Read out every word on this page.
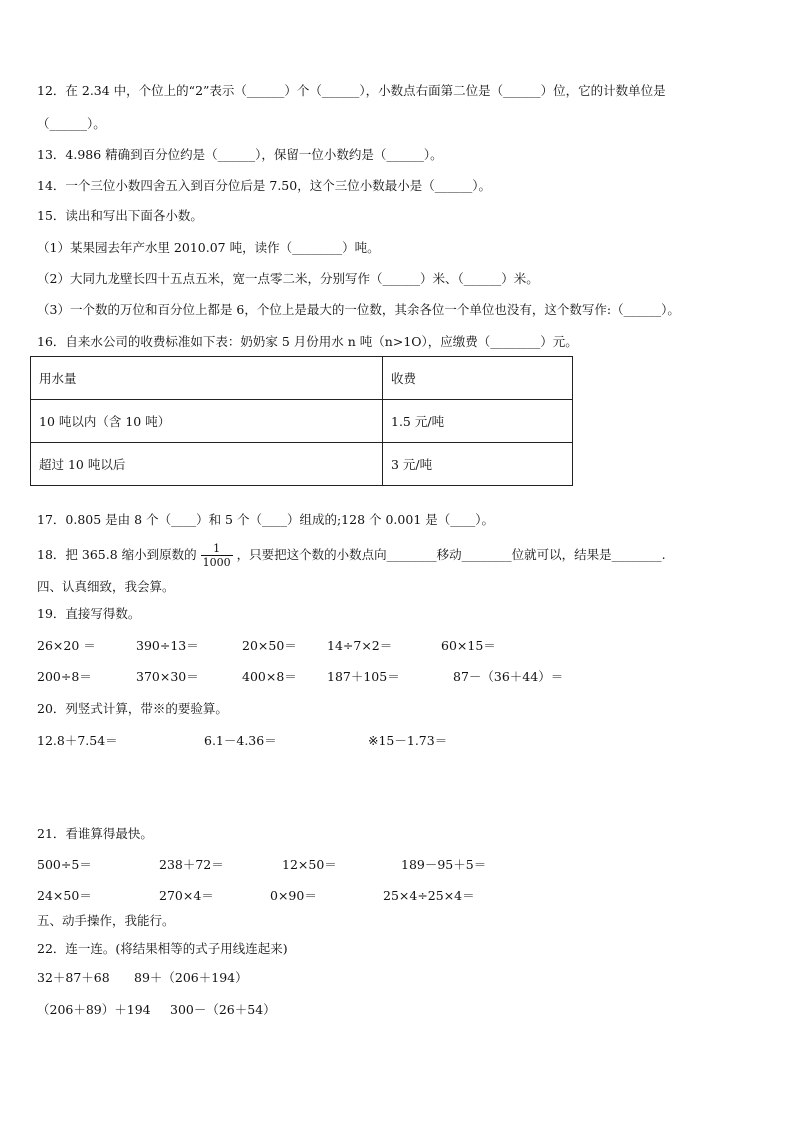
12．在 2.34 中，个位上的“2”表示（______）个（______），小数点右面第二位是（______）位，它的计数单位是
（______）。
13．4.986 精确到百分位约是（______），保留一位小数约是（______）。
14．一个三位小数四舍五入到百分位后是 7.50，这个三位小数最小是（______）。
15．读出和写出下面各小数。
（1）某果园去年产水里 2010.07 吨，读作（________）吨。
（2）大同九龙壁长四十五点五米，宽一点零二米，分别写作（______）米、（______）米。
（3）一个数的万位和百分位上都是 6，个位上是最大的一位数，其余各位一个单位也没有，这个数写作:（______）。
16．自来水公司的收费标准如下表：奶奶家 5 月份用水 n 吨（n>1O），应缴费（________）元。
用水量	收费
10 吨以内（含 10 吨）	1.5 元/吨
超过 10 吨以后	3 元/吨
17．0.805 是由 8 个（____）和 5 个（____）组成的;128 个 0.001 是（____）。
18．把 365.8 缩小到原数的 $\frac{1}{1000}$ ，只要把这个数的小数点向________移动________位就可以，结果是________.
四、认真细致，我会算。
19．直接写得数。
26×20 ＝	390÷13＝	20×50＝ 14÷7×2＝	60×15＝
200÷8＝	370×30＝	400×8＝ 187＋105＝	87－（36＋44）＝
20．列竖式计算，带※的要验算。
12.8＋7.54＝	6.1－4.36＝	※15－1.73＝
21．看谁算得最快。
500÷5＝	238＋72＝	12×50＝	189－95＋5＝
24×50＝	270×4＝	0×90＝	25×4÷25×4＝
五、动手操作，我能行。
22．连一连。(将结果相等的式子用线连起来)
32＋87＋68 89＋（206＋194）
（206＋89）＋194 300－（26＋54）
